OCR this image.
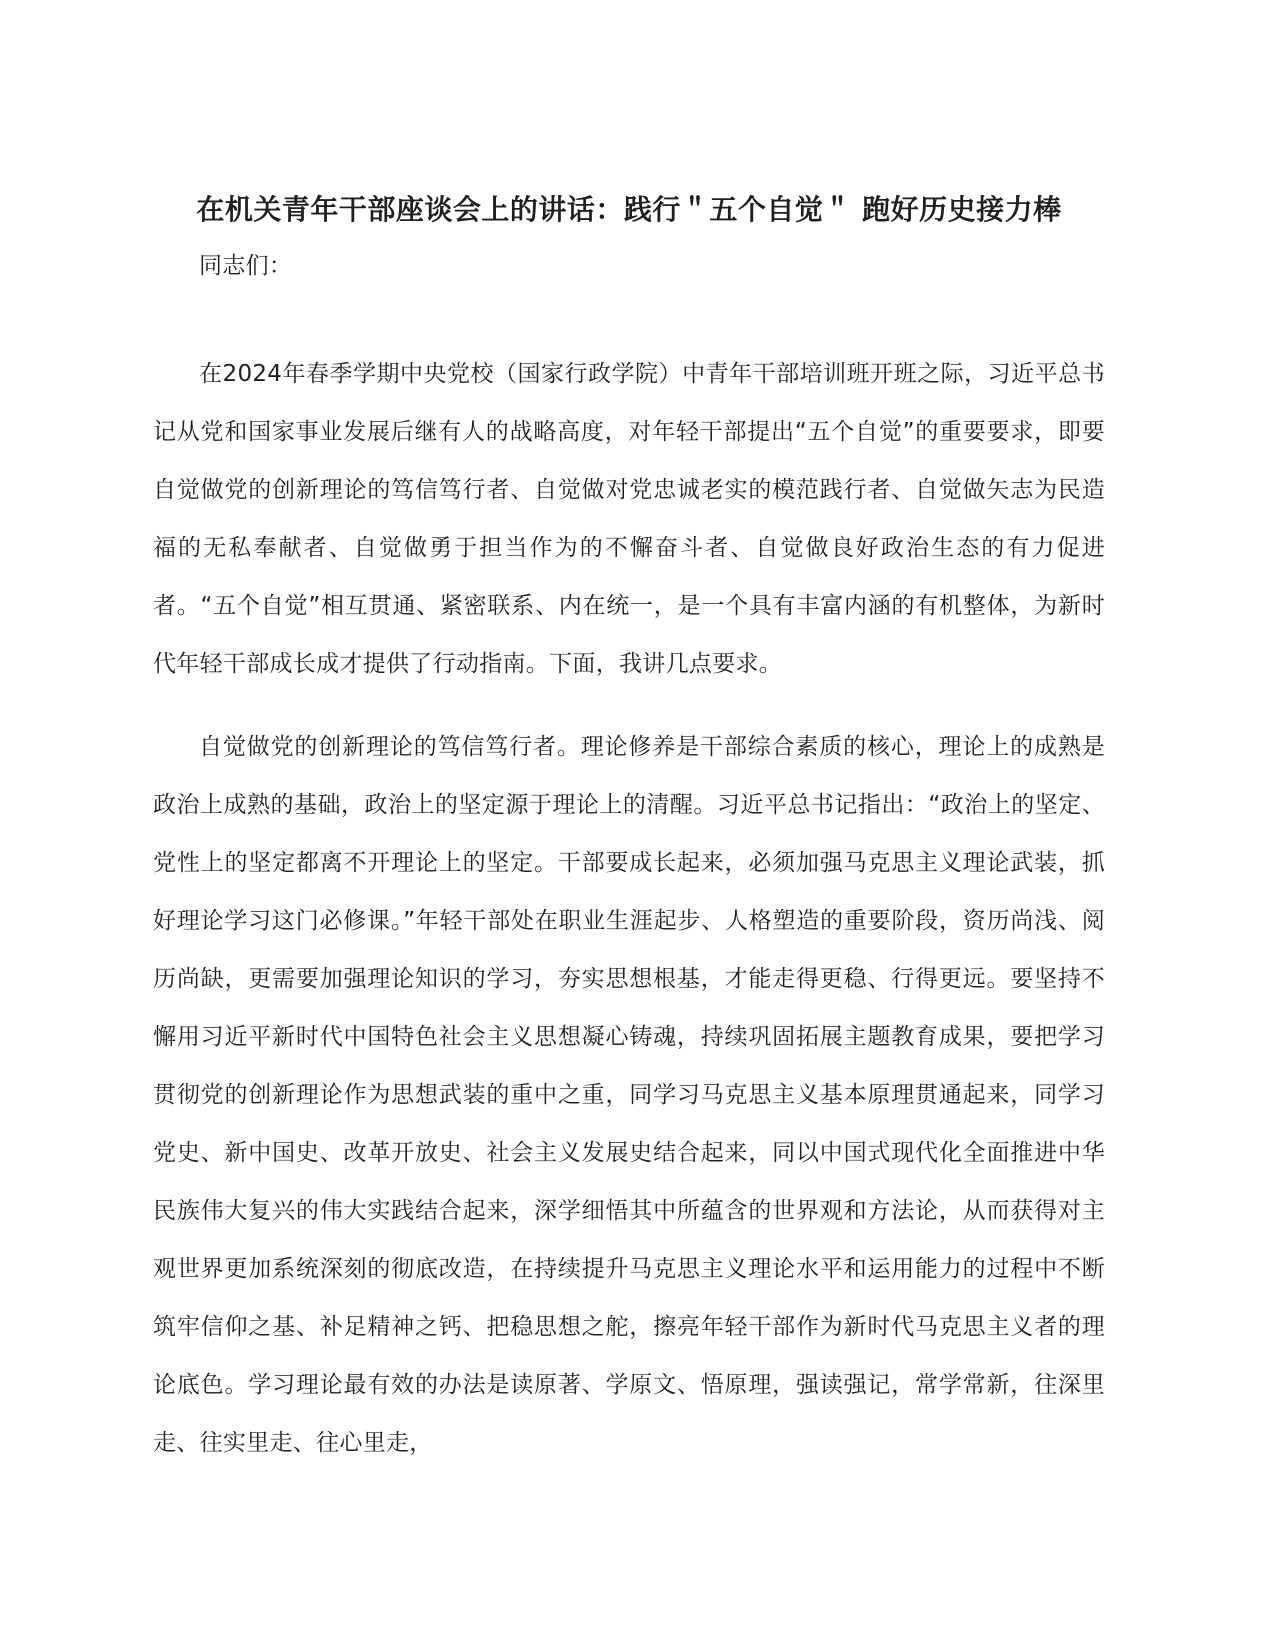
在机关青年干部座谈会上的讲话：践行＂五个自觉＂ 跑好历史接力棒

同志们：

在2024年春季学期中央党校（国家行政学院）中青年干部培训班开班之际，习近平总书记从党和国家事业发展后继有人的战略高度，对年轻干部提出“五个自觉”的重要要求，即要自觉做党的创新理论的笃信笃行者、自觉做对党忠诚老实的模范践行者、自觉做矢志为民造福的无私奉献者、自觉做勇于担当作为的不懈奋斗者、自觉做良好政治生态的有力促进者。“五个自觉”相互贯通、紧密联系、内在统一，是一个具有丰富内涵的有机整体，为新时代年轻干部成长成才提供了行动指南。下面，我讲几点要求。

自觉做党的创新理论的笃信笃行者。理论修养是干部综合素质的核心，理论上的成熟是政治上成熟的基础，政治上的坚定源于理论上的清醒。习近平总书记指出：“政治上的坚定、党性上的坚定都离不开理论上的坚定。干部要成长起来，必须加强马克思主义理论武装，抓好理论学习这门必修课。”年轻干部处在职业生涯起步、人格塑造的重要阶段，资历尚浅、阅历尚缺，更需要加强理论知识的学习，夯实思想根基，才能走得更稳、行得更远。要坚持不懈用习近平新时代中国特色社会主义思想凝心铸魂，持续巩固拓展主题教育成果，要把学习贯彻党的创新理论作为思想武装的重中之重，同学习马克思主义基本原理贯通起来，同学习党史、新中国史、改革开放史、社会主义发展史结合起来，同以中国式现代化全面推进中华民族伟大复兴的伟大实践结合起来，深学细悟其中所蕴含的世界观和方法论，从而获得对主观世界更加系统深刻的彻底改造，在持续提升马克思主义理论水平和运用能力的过程中不断筑牢信仰之基、补足精神之钙、把稳思想之舵，擦亮年轻干部作为新时代马克思主义者的理论底色。学习理论最有效的办法是读原著、学原文、悟原理，强读强记，常学常新，往深里走、往实里走、往心里走，
